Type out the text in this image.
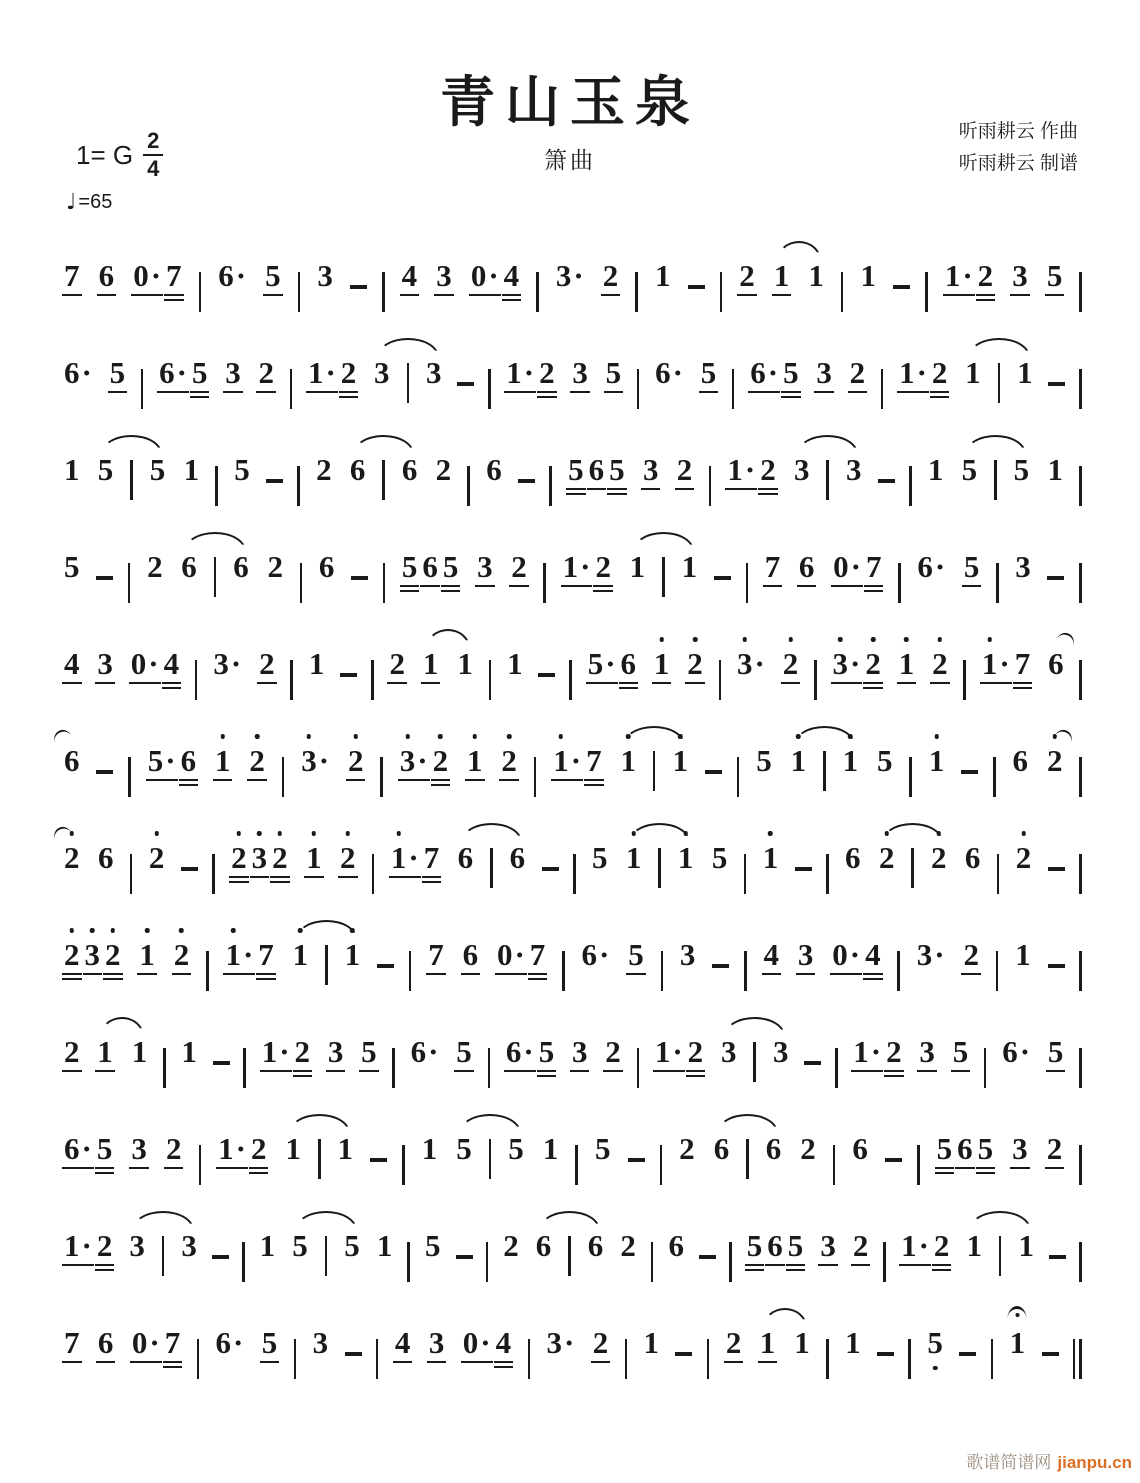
青山玉泉
1= G $\frac{2}{4}$	箫曲
听雨耕云 作曲
听雨耕云 制谱
♩ =65
7 6 0· 7 6· 5 3 4 3 0· 4 3· 2 1 2 1 1 1 1· 2 3 5
6· 5 6· 5 3 2 1· 2 3 3 1· 2 3 5 6· 5 6· 5 3 2 1· 2 1 1
1 5 5 1 5 2 6 6 2 6 5 6 5 3 2 1· 2 3 3 1 5 5 1
5 2 6 6 2 6 5 6 5 3 2 1· 2 1 1 7 6 0· 7 6· 5 3
4 3 0· 4 3· 2 1 2 1 1 1 5· 6 1 2 3
· 2 3
· 2 1 2 1
· 7 6
6 5· 6 1 2 3
· 2 3
· 2 1 2 1
· 7 1 1 5 1 1 5 1 6 2
2 6 2 2 3 2 1 2 1
· 7 6 6 5 1 1 5 1 6 2 2 6 2
2 3 2 1 2 1
· 7 1 1 7 6 0· 7 6· 5 3 4 3 0· 4 3· 2 1
2 1 1 1 1· 2 3 5 6· 5 6· 5 3 2 1· 2 3 3 1· 2 3 5 6· 5
6· 5 3 2 1· 2 1 1 1 5 5 1 5 2 6 6 2 6 5 6 5 3 2
1· 2 3 3 1 5 5 1 5 2 6 6 2 6 5 6 5 3 2 1· 2 1 1
7 6 0· 7 6· 5 3 4 3 0· 4 3· 2 1 2 1 1 1 5 1
歌谱简谱网 jianpu.cn
